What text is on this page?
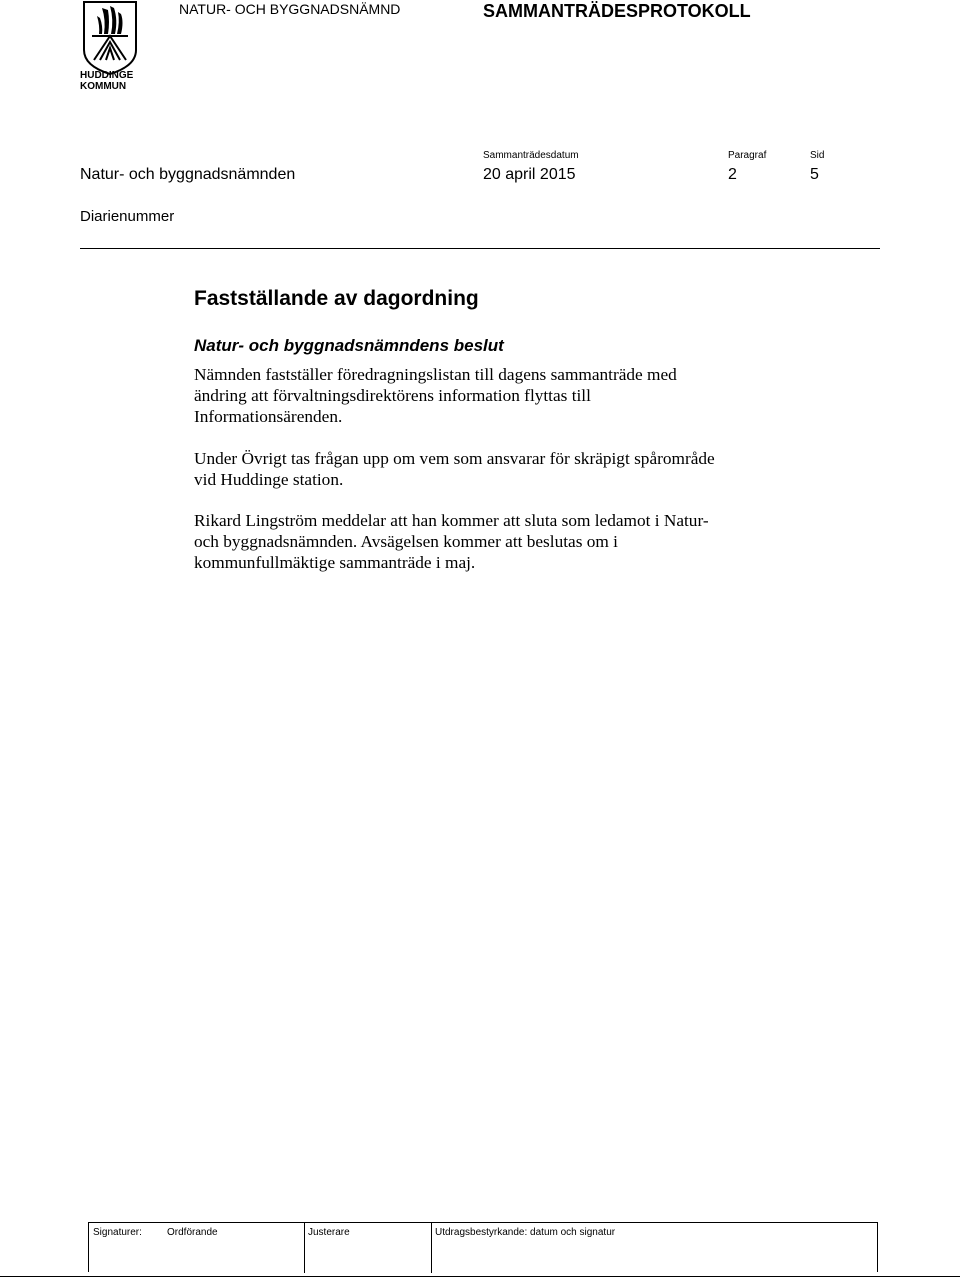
HUDDINGE
KOMMUN
NATUR- OCH BYGGNADSNÄMND	SAMMANTRÄDESPROTOKOLL
Sammanträdesdatum	Paragraf	Sid
Natur- och byggnadsnämnden	20 april 2015	2	5
Diarienummer
Fastställande av dagordning
Natur- och byggnadsnämndens beslut
Nämnden fastställer föredragningslistan till dagens sammanträde med
ändring att förvaltningsdirektörens information flyttas till
Informationsärenden.
Under Övrigt tas frågan upp om vem som ansvarar för skräpigt spårområde
vid Huddinge station.
Rikard Lingström meddelar att han kommer att sluta som ledamot i Natur-
och byggnadsnämnden. Avsägelsen kommer att beslutas om i
kommunfullmäktige sammanträde i maj.
Signaturer:	Ordförande	Justerare	Utdragsbestyrkande: datum och signatur
